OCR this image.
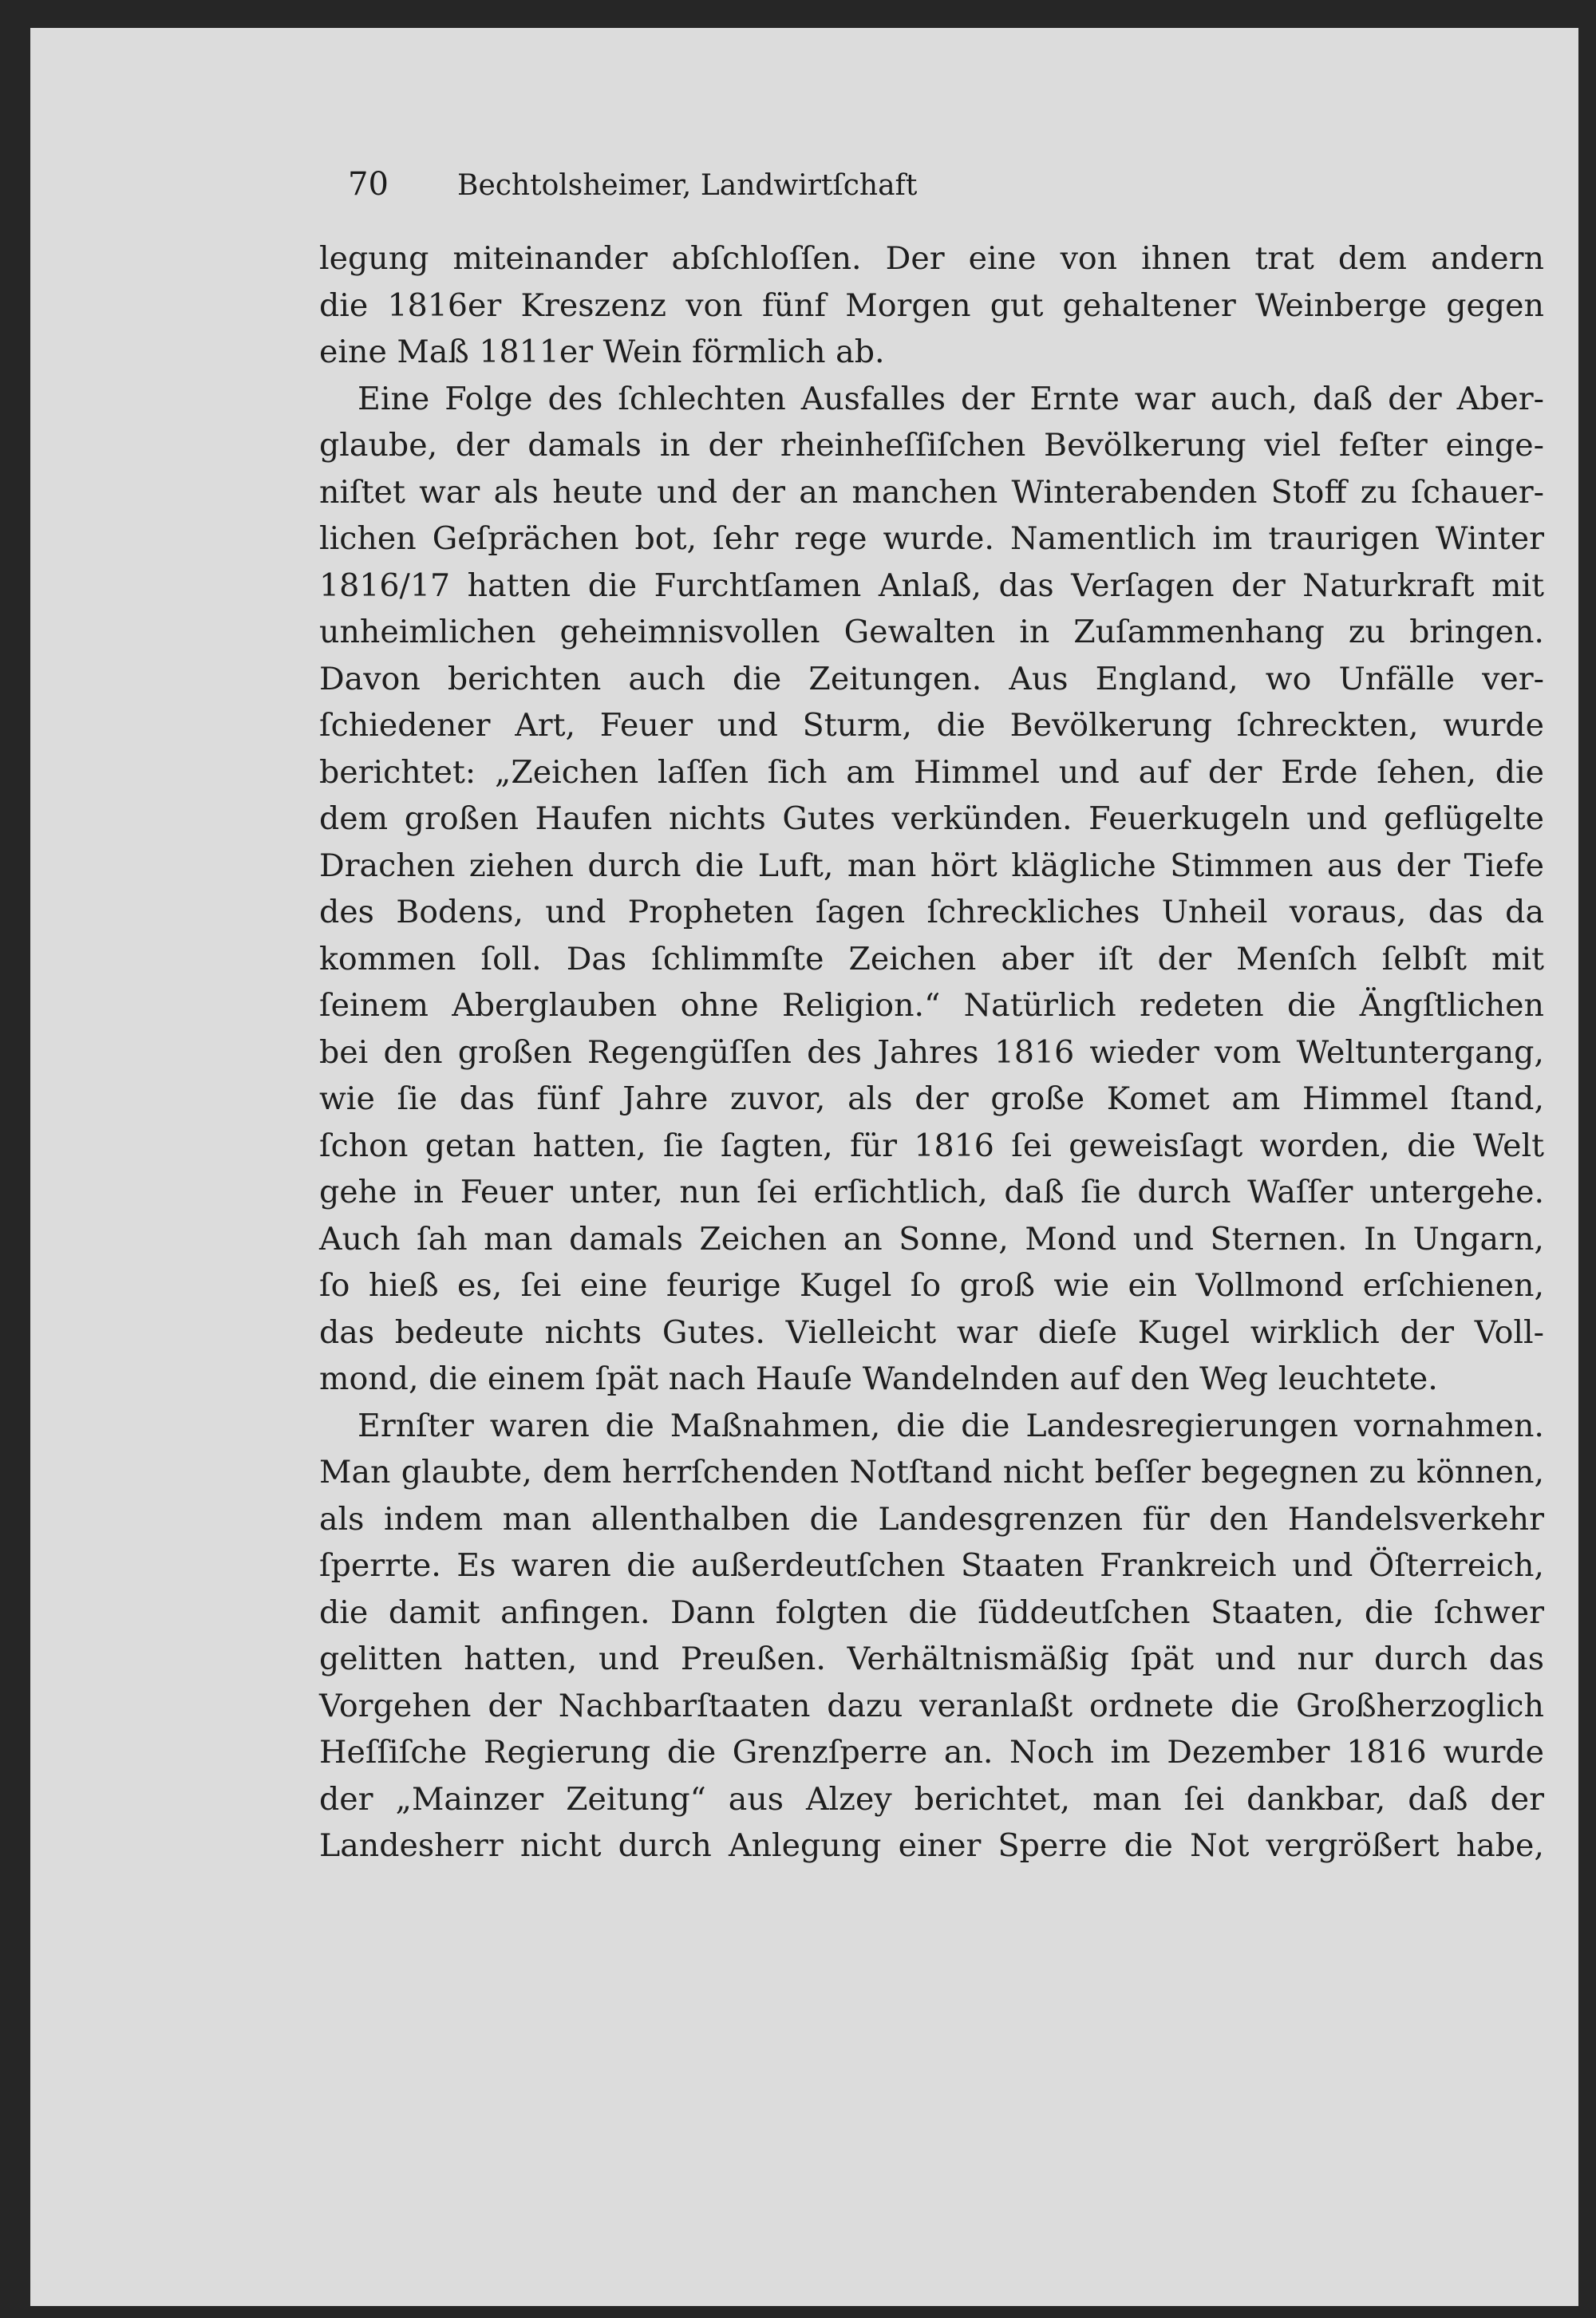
70 Bechtolsheimer, Landwirtſchaft
legung miteinander abſchloſſen. Der eine von ihnen trat dem andern
die 1816er Kreszenz von fünf Morgen gut gehaltener Weinberge gegen
eine Maß 1811er Wein förmlich ab.
Eine Folge des ſchlechten Ausfalles der Ernte war auch, daß der Aber-
glaube, der damals in der rheinheſſiſchen Bevölkerung viel feſter einge-
niſtet war als heute und der an manchen Winterabenden Stoff zu ſchauer-
lichen Geſprächen bot, ſehr rege wurde. Namentlich im traurigen Winter
1816/17 hatten die Furchtſamen Anlaß, das Verſagen der Naturkraft mit
unheimlichen geheimnisvollen Gewalten in Zuſammenhang zu bringen.
Davon berichten auch die Zeitungen. Aus England, wo Unfälle ver-
ſchiedener Art, Feuer und Sturm, die Bevölkerung ſchreckten, wurde
berichtet: „Zeichen laſſen ſich am Himmel und auf der Erde ſehen, die
dem großen Haufen nichts Gutes verkünden. Feuerkugeln und geflügelte
Drachen ziehen durch die Luft, man hört klägliche Stimmen aus der Tiefe
des Bodens, und Propheten ſagen ſchreckliches Unheil voraus, das da
kommen ſoll. Das ſchlimmſte Zeichen aber iſt der Menſch ſelbſt mit
ſeinem Aberglauben ohne Religion.“ Natürlich redeten die Ängſtlichen
bei den großen Regengüſſen des Jahres 1816 wieder vom Weltuntergang,
wie ſie das fünf Jahre zuvor, als der große Komet am Himmel ſtand,
ſchon getan hatten, ſie ſagten, für 1816 ſei geweisſagt worden, die Welt
gehe in Feuer unter, nun ſei erſichtlich, daß ſie durch Waſſer untergehe.
Auch ſah man damals Zeichen an Sonne, Mond und Sternen. In Ungarn,
ſo hieß es, ſei eine feurige Kugel ſo groß wie ein Vollmond erſchienen,
das bedeute nichts Gutes. Vielleicht war dieſe Kugel wirklich der Voll-
mond, die einem ſpät nach Hauſe Wandelnden auf den Weg leuchtete.
Ernſter waren die Maßnahmen, die die Landesregierungen vornahmen.
Man glaubte, dem herrſchenden Notſtand nicht beſſer begegnen zu können,
als indem man allenthalben die Landesgrenzen für den Handelsverkehr
ſperrte. Es waren die außerdeutſchen Staaten Frankreich und Öſterreich,
die damit anfingen. Dann folgten die ſüddeutſchen Staaten, die ſchwer
gelitten hatten, und Preußen. Verhältnismäßig ſpät und nur durch das
Vorgehen der Nachbarſtaaten dazu veranlaßt ordnete die Großherzoglich
Heſſiſche Regierung die Grenzſperre an. Noch im Dezember 1816 wurde
der „Mainzer Zeitung“ aus Alzey berichtet, man ſei dankbar, daß der
Landesherr nicht durch Anlegung einer Sperre die Not vergrößert habe,
